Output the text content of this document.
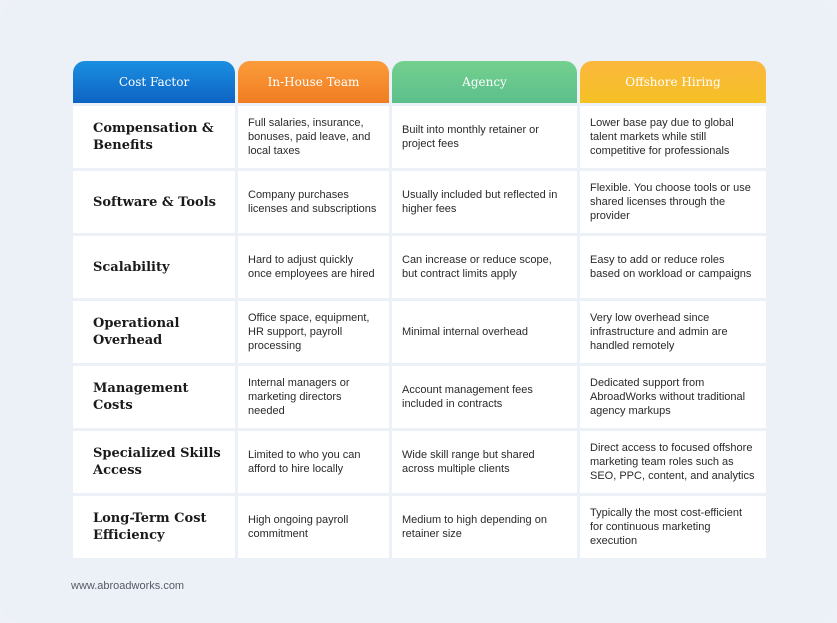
Cost Factor	In-House Team	Agency	Offshore Hiring
Compensation & Benefits	Full salaries, insurance, bonuses, paid leave, and local taxes	Built into monthly retainer or project fees	Lower base pay due to global talent markets while still competitive for professionals
Software & Tools	Company purchases licenses and subscriptions	Usually included but reflected in higher fees	Flexible. You choose tools or use shared licenses through the provider
Scalability	Hard to adjust quickly once employees are hired	Can increase or reduce scope, but contract limits apply	Easy to add or reduce roles based on workload or campaigns
Operational Overhead	Office space, equipment, HR support, payroll processing	Minimal internal overhead	Very low overhead since infrastructure and admin are handled remotely
Management Costs	Internal managers or marketing directors needed	Account management fees included in contracts	Dedicated support from AbroadWorks without traditional agency markups
Specialized Skills Access	Limited to who you can afford to hire locally	Wide skill range but shared across multiple clients	Direct access to focused offshore marketing team roles such as SEO, PPC, content, and analytics
Long-Term Cost Efficiency	High ongoing payroll commitment	Medium to high depending on retainer size	Typically the most cost-efficient for continuous marketing execution
www.abroadworks.com
